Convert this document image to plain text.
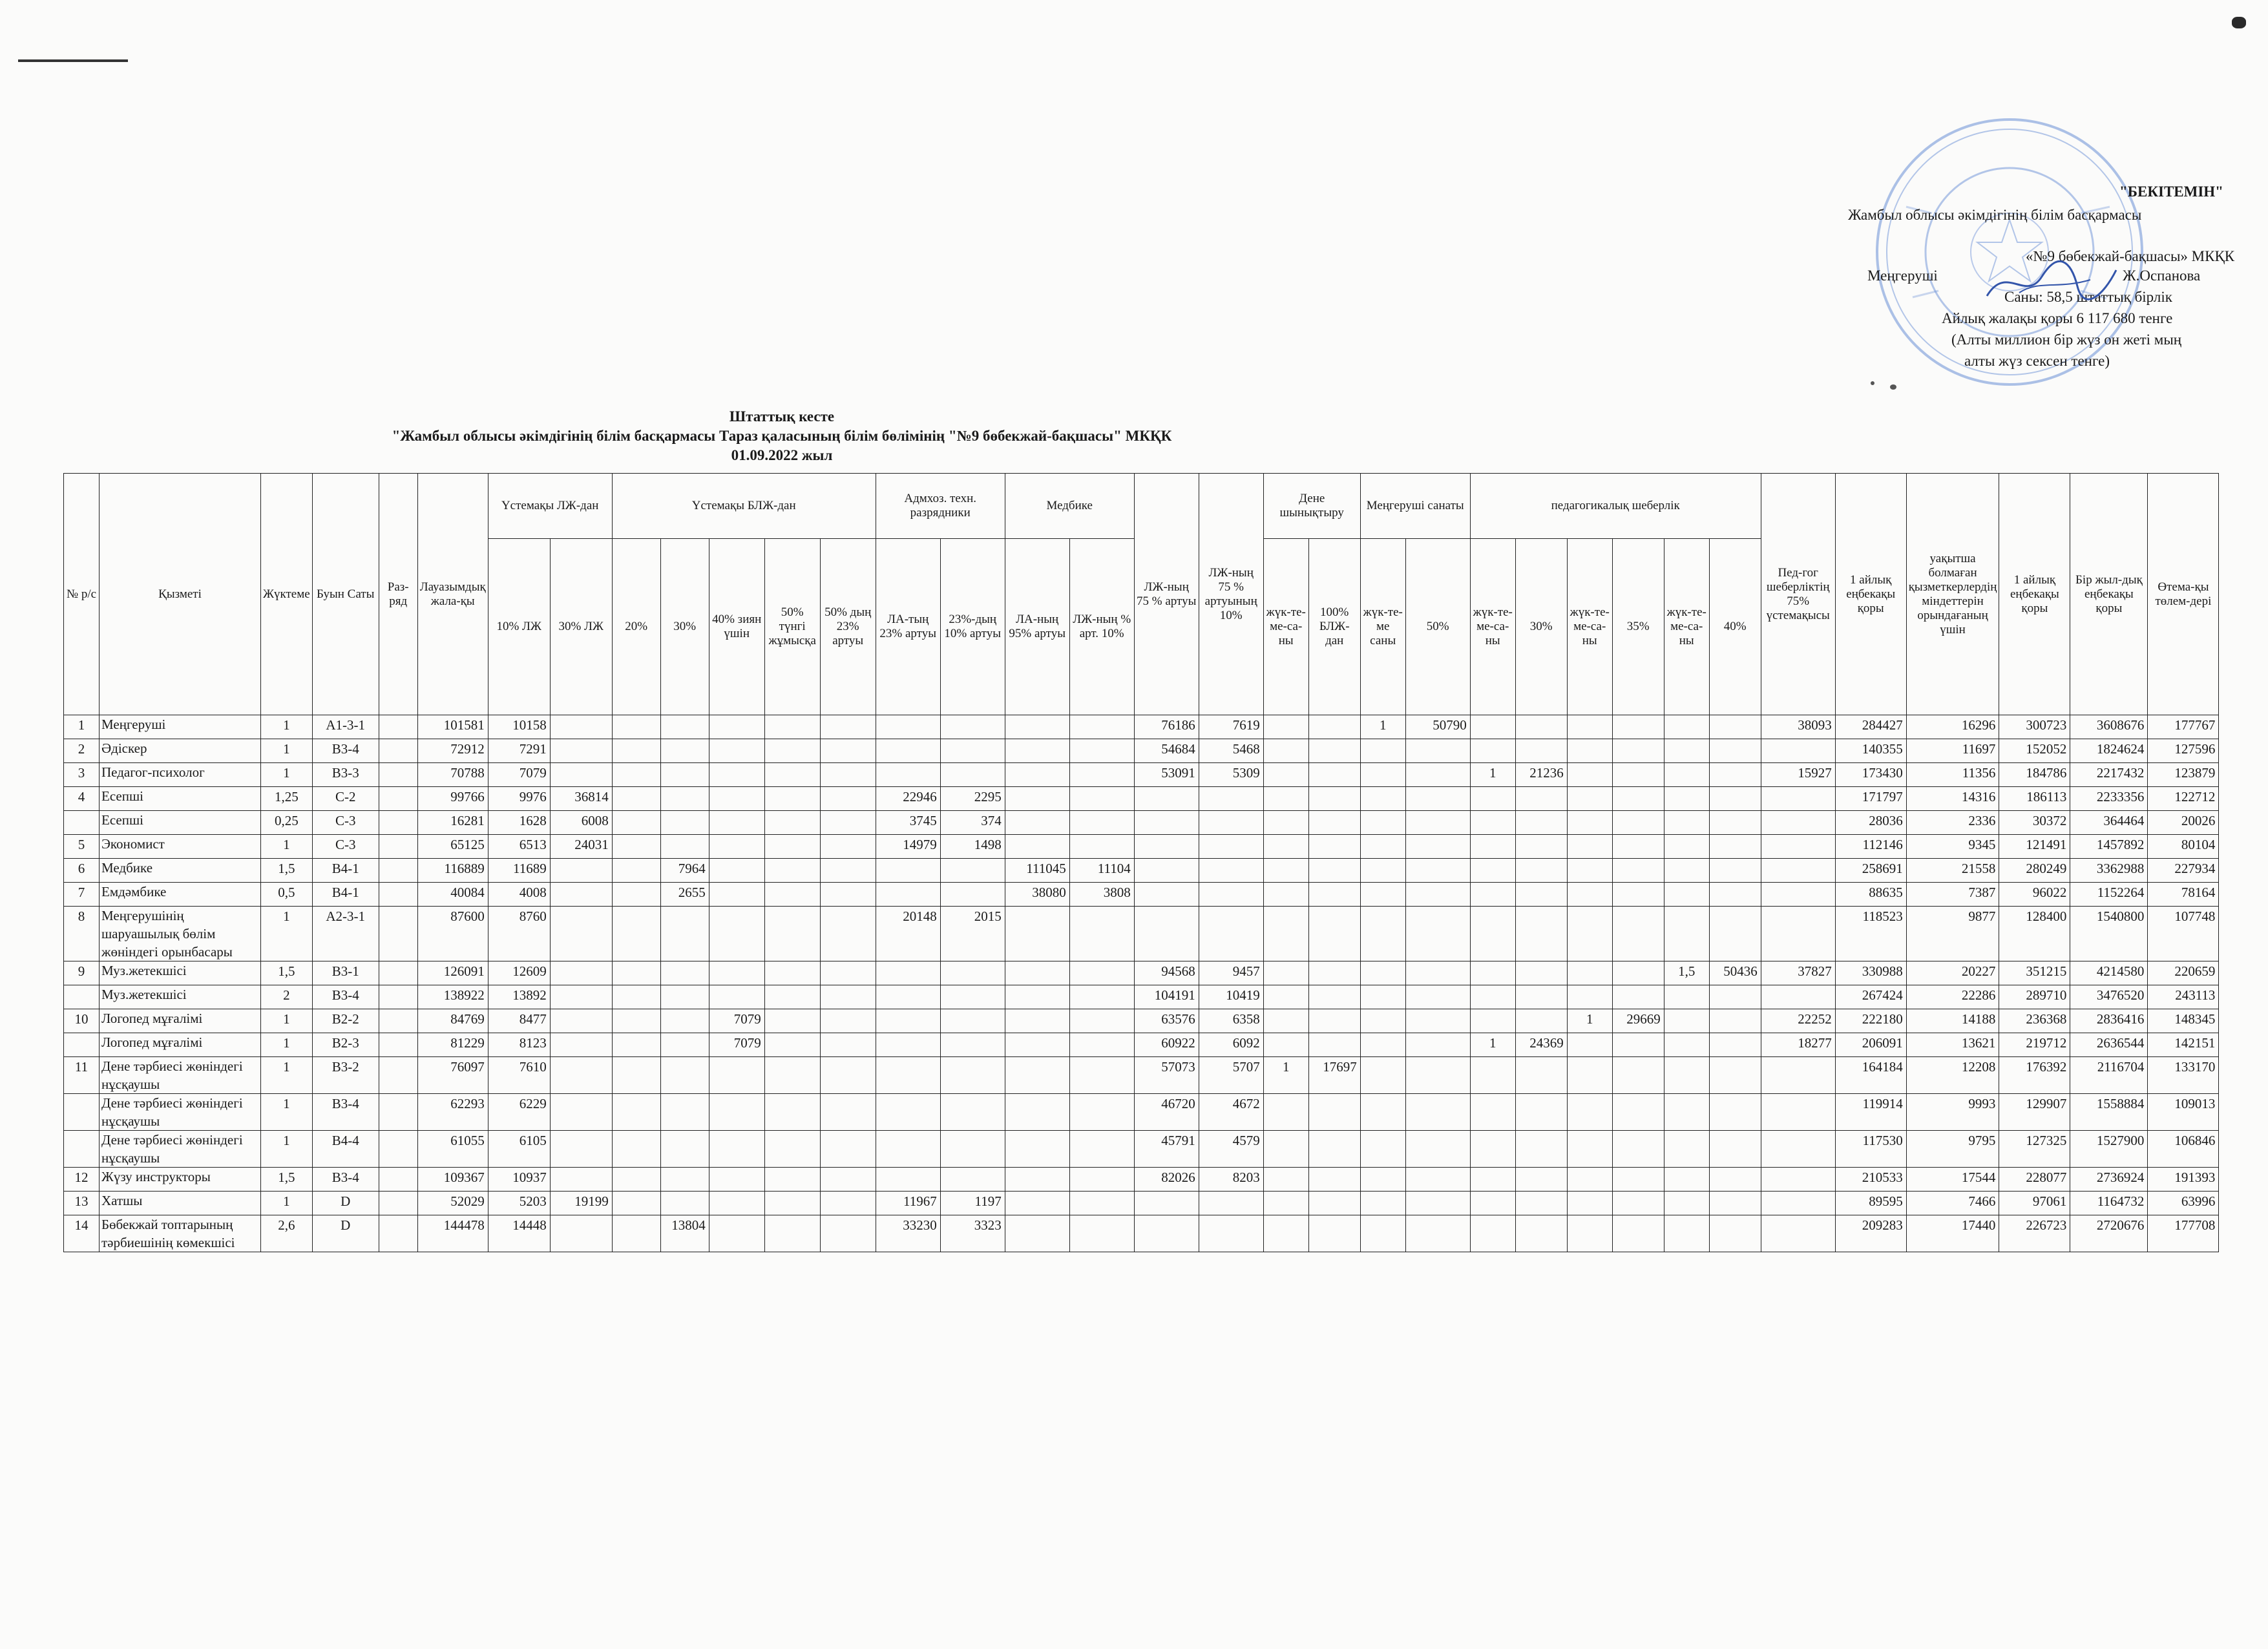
"БЕКІТЕМІН"
Жамбыл облысы әкімдігінің білім басқармасы
«№9 бөбекжай-бақшасы» МКҚК
Меңгеруші	Ж.Оспанова
Саны: 58,5 штаттық бірлік
Айлық жалақы қоры 6 117 680 тенге
(Алты миллион бір жүз он жеті мың
алты жүз сексен тенге)
Штаттық кесте
"Жамбыл облысы әкімдігінің білім басқармасы Тараз қаласының білім бөлімінің "№9 бөбекжай-бақшасы" МКҚК
01.09.2022 жыл
№ р/с	Қызметі	Жүктеме	Буын Саты	Раз-ряд	Лауазымдық жала-қы	Үстемақы ЛЖ-дан		Үстемақы БЛЖ-дан					Адмхоз. техн. разрядники		Медбике		ЛЖ-ның 75 % артуы	ЛЖ-ның 75 % артуының 10%	Дене шынықтыру		Меңгеруші санаты		педагогикалық шеберлік						Пед-гог шеберліктің 75% үстемақысы	1 айлық еңбекақы қоры	уақытша болмаған қызметкерлердің міндеттерін орындағаның үшін	1 айлық еңбекақы қоры	Бір жыл-дық еңбекақы қоры	Өтема-қы төлем-дері
						10% ЛЖ	30% ЛЖ	20%	30%	40% зиян үшін	50% түнгі жұмысқа	50% дың 23% артуы	ЛА-тың 23% артуы	23%-дың 10% артуы	ЛА-ның 95% артуы	ЛЖ-ның % арт. 10%			жүк-те-ме-са-ны	100% БЛЖ-дан	жүк-те-ме саны	50%	жүк-те-ме-са-ны	30%	жүк-те-ме-са-ны	35%	жүк-те-ме-са-ны	40%						
1	Меңгеруші	1	А1-3-1		101581	10158											76186	7619			1	50790							38093	284427	16296	300723	3608676	177767
2	Әдіскер	1	В3-4		72912	7291											54684	5468												140355	11697	152052	1824624	127596
3	Педагог-психолог	1	В3-3		70788	7079											53091	5309					1	21236					15927	173430	11356	184786	2217432	123879
4	Есепші	1,25	С-2		99766	9976	36814						22946	2295																171797	14316	186113	2233356	122712
	Есепші	0,25	С-3		16281	1628	6008						3745	374																28036	2336	30372	364464	20026
5	Экономист	1	С-3		65125	6513	24031						14979	1498																112146	9345	121491	1457892	80104
6	Медбике	1,5	В4-1		116889	11689			7964						111045	11104														258691	21558	280249	3362988	227934
7	Емдәмбике	0,5	В4-1		40084	4008			2655						38080	3808														88635	7387	96022	1152264	78164
8	Меңгерушінің шаруашылық бөлім жөніндегі орынбасары	1	А2-3-1		87600	8760							20148	2015																118523	9877	128400	1540800	107748
9	Муз.жетекшісі	1,5	В3-1		126091	12609											94568	9457									1,5	50436	37827	330988	20227	351215	4214580	220659
	Муз.жетекшісі	2	В3-4		138922	13892											104191	10419												267424	22286	289710	3476520	243113
10	Логопед мұғалімі	1	В2-2		84769	8477				7079							63576	6358							1	29669			22252	222180	14188	236368	2836416	148345
	Логопед мұғалімі	1	В2-3		81229	8123				7079							60922	6092					1	24369					18277	206091	13621	219712	2636544	142151
11	Дене тәрбиесі жөніндегі нұсқаушы	1	В3-2		76097	7610											57073	5707	1	17697										164184	12208	176392	2116704	133170
	Дене тәрбиесі жөніндегі нұсқаушы	1	В3-4		62293	6229											46720	4672												119914	9993	129907	1558884	109013
	Дене тәрбиесі жөніндегі нұсқаушы	1	В4-4		61055	6105											45791	4579												117530	9795	127325	1527900	106846
12	Жүзу инструкторы	1,5	В3-4		109367	10937											82026	8203												210533	17544	228077	2736924	191393
13	Хатшы	1	D		52029	5203	19199						11967	1197																89595	7466	97061	1164732	63996
14	Бөбекжай топтарының тәрбиешінің көмекшісі	2,6	D		144478	14448			13804				33230	3323																209283	17440	226723	2720676	177708
